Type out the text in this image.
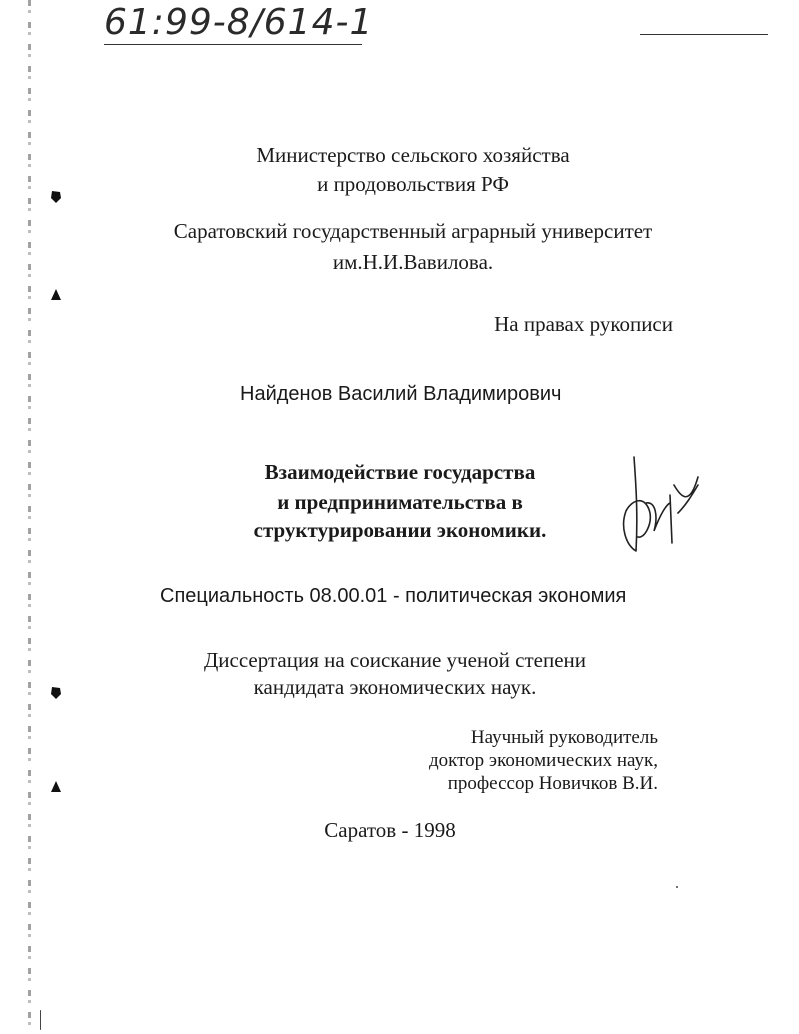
61:99-8/614-1
Министерство сельского хозяйства
и продовольствия РФ
Саратовский государственный аграрный университет
им.Н.И.Вавилова.
На правах рукописи
Найденов Василий Владимирович
Взаимодействие государства
и предпринимательства в
структурировании экономики.
Специальность 08.00.01 - политическая экономия
Диссертация на соискание ученой степени
кандидата экономических наук.
Научный руководитель
доктор экономических наук,
профессор Новичков В.И.
Саратов - 1998
